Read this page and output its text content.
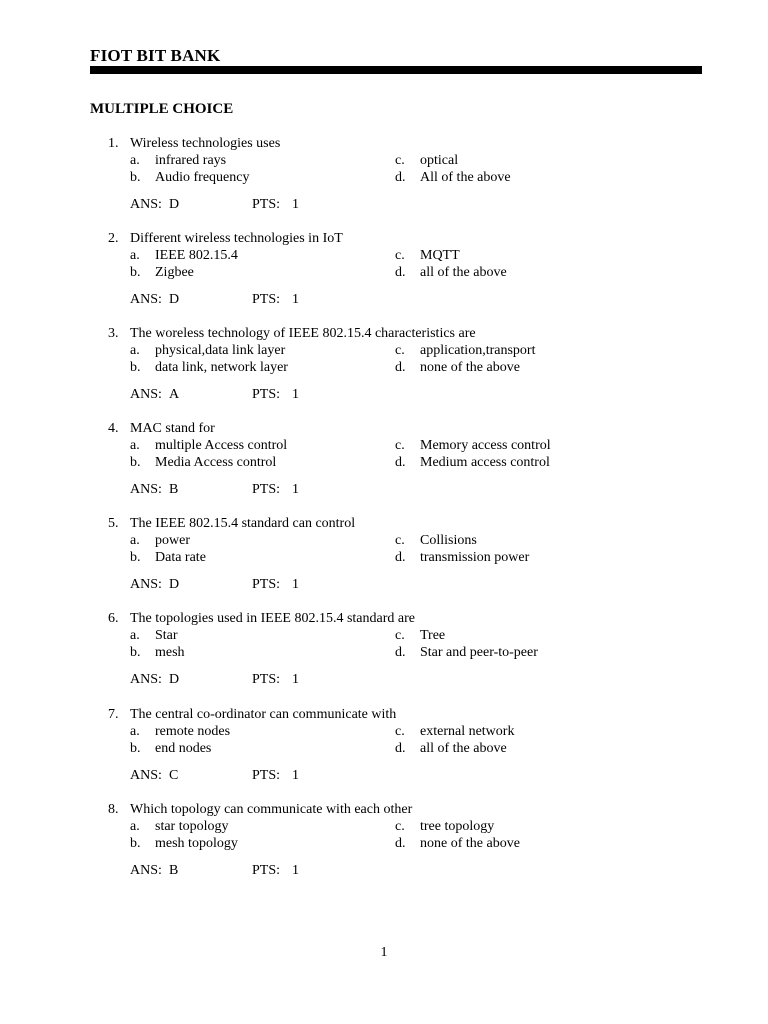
FIOT BIT BANK
MULTIPLE CHOICE
1. Wireless technologies uses
a. infrared rays
b. Audio frequency
c. optical
d. All of the above
ANS: D	PTS: 1
2. Different wireless technologies in IoT
a. IEEE 802.15.4
b. Zigbee
c. MQTT
d. all of the above
ANS: D	PTS: 1
3. The woreless technology of IEEE 802.15.4 characteristics are
a. physical,data link layer
b. data link, network layer
c. application,transport
d. none of the above
ANS: A	PTS: 1
4. MAC stand for
a. multiple Access control
b. Media Access control
c. Memory access control
d. Medium access control
ANS: B	PTS: 1
5. The IEEE 802.15.4 standard can control
a. power
b. Data rate
c. Collisions
d. transmission power
ANS: D	PTS: 1
6. The topologies used in IEEE 802.15.4 standard are
a. Star
b. mesh
c. Tree
d. Star and peer-to-peer
ANS: D	PTS: 1
7. The central co-ordinator can communicate with
a. remote nodes
b. end nodes
c. external network
d. all of the above
ANS: C	PTS: 1
8. Which topology can communicate with each other
a. star topology
b. mesh topology
c. tree topology
d. none of the above
ANS: B	PTS: 1
1
